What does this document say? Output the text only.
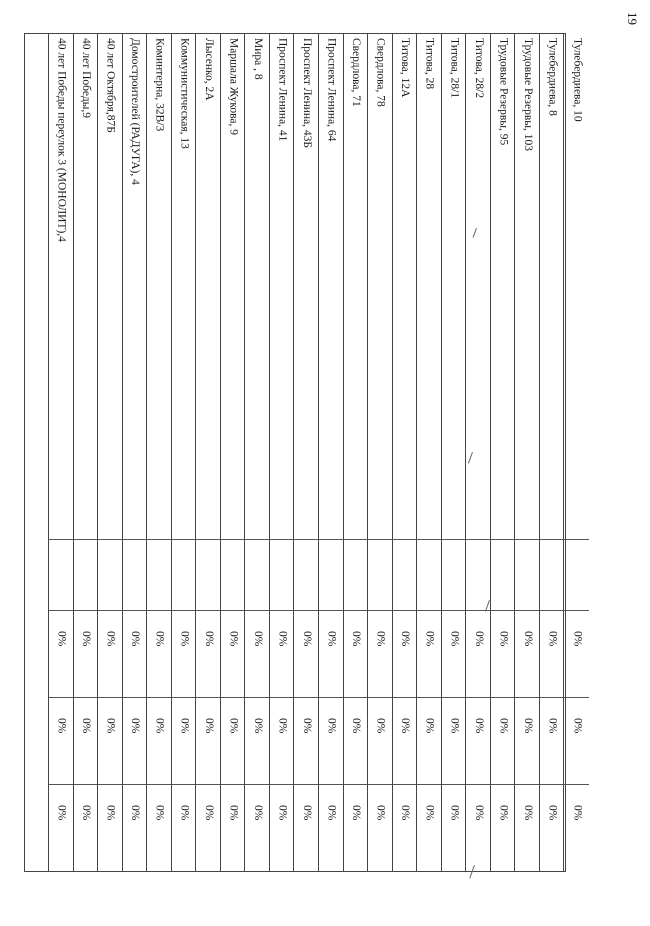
19
40 лет Победы переулок 3 (МОНОЛИТ),4
0%
0%
0%
40 лет Победы,9
0%
0%
0%
40 лет Октября,87Б
0%
0%
0%
Домостроителей (РАДУГА), 4
0%
0%
0%
Коминтерна, 32В/3
0%
0%
0%
Коммунистическая, 13
0%
0%
0%
Лысенко, 2А
0%
0%
0%
Маршала Жукова, 9
0%
0%
0%
Мира , 8
0%
0%
0%
Проспект Ленина, 41
0%
0%
0%
Проспект Ленина, 43Б
0%
0%
0%
Проспект Ленина, 64
0%
0%
0%
Свердлова, 71
0%
0%
0%
Свердлова, 78
0%
0%
0%
Титова, 12А
0%
0%
0%
Титова, 28
0%
0%
0%
Титова, 28/1
0%
0%
0%
Титова, 28/2
0%
0%
0%
Трудовые Резервы, 95
0%
0%
0%
Трудовые Резервы, 103
0%
0%
0%
Тулебердиева, 8
0%
0%
0%
Тулебердиева, 10
0%
0%
0%
